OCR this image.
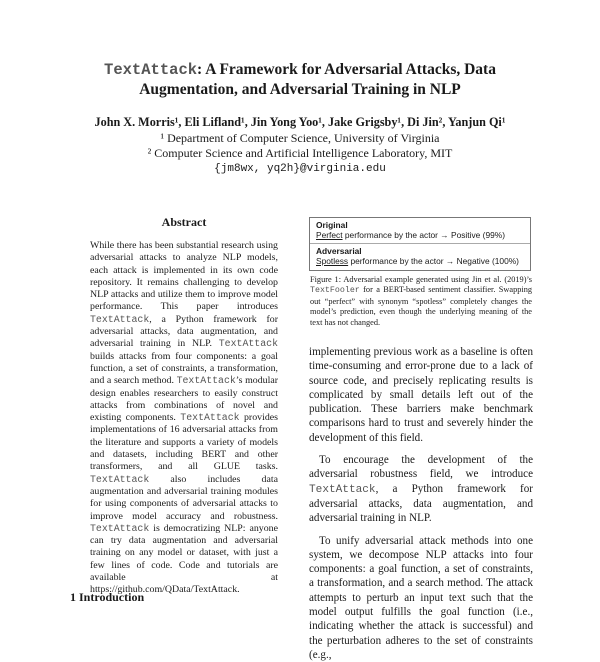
TextAttack: A Framework for Adversarial Attacks, Data
Augmentation, and Adversarial Training in NLP
John X. Morris¹, Eli Lifland¹, Jin Yong Yoo¹, Jake Grigsby¹, Di Jin², Yanjun Qi¹
¹ Department of Computer Science, University of Virginia
² Computer Science and Artificial Intelligence Laboratory, MIT
{jm8wx, yq2h}@virginia.edu
Abstract
While there has been substantial research using adversarial attacks to analyze NLP models, each attack is implemented in its own code repository. It remains challenging to develop NLP attacks and utilize them to improve model performance. This paper introduces TextAttack, a Python framework for adversarial attacks, data augmentation, and adversarial training in NLP. TextAttack builds attacks from four components: a goal function, a set of constraints, a transformation, and a search method. TextAttack’s modular design enables researchers to easily construct attacks from combinations of novel and existing components. TextAttack provides implementations of 16 adversarial attacks from the literature and supports a variety of models and datasets, including BERT and other transformers, and all GLUE tasks. TextAttack also includes data augmentation and adversarial training modules for using components of adversarial attacks to improve model accuracy and robustness. TextAttack is democratizing NLP: anyone can try data augmentation and adversarial training on any model or dataset, with just a few lines of code. Code and tutorials are available at https://github.com/QData/TextAttack.
1 Introduction
Original
Perfect performance by the actor → Positive (99%)
Adversarial
Spotless performance by the actor → Negative (100%)
Figure 1: Adversarial example generated using Jin et al. (2019)’s TextFooler for a BERT-based sentiment classifier. Swapping out “perfect” with synonym “spotless” completely changes the model’s prediction, even though the underlying meaning of the text has not changed.

implementing previous work as a baseline is often time-consuming and error-prone due to a lack of source code, and precisely replicating results is complicated by small details left out of the publication. These barriers make benchmark comparisons hard to trust and severely hinder the development of this field.

To encourage the development of the adversarial robustness field, we introduce TextAttack, a Python framework for adversarial attacks, data augmentation, and adversarial training in NLP.

To unify adversarial attack methods into one system, we decompose NLP attacks into four components: a goal function, a set of constraints, a transformation, and a search method. The attack attempts to perturb an input text such that the model output fulfills the goal function (i.e., indicating whether the attack is successful) and the perturbation adheres to the set of constraints (e.g.,
